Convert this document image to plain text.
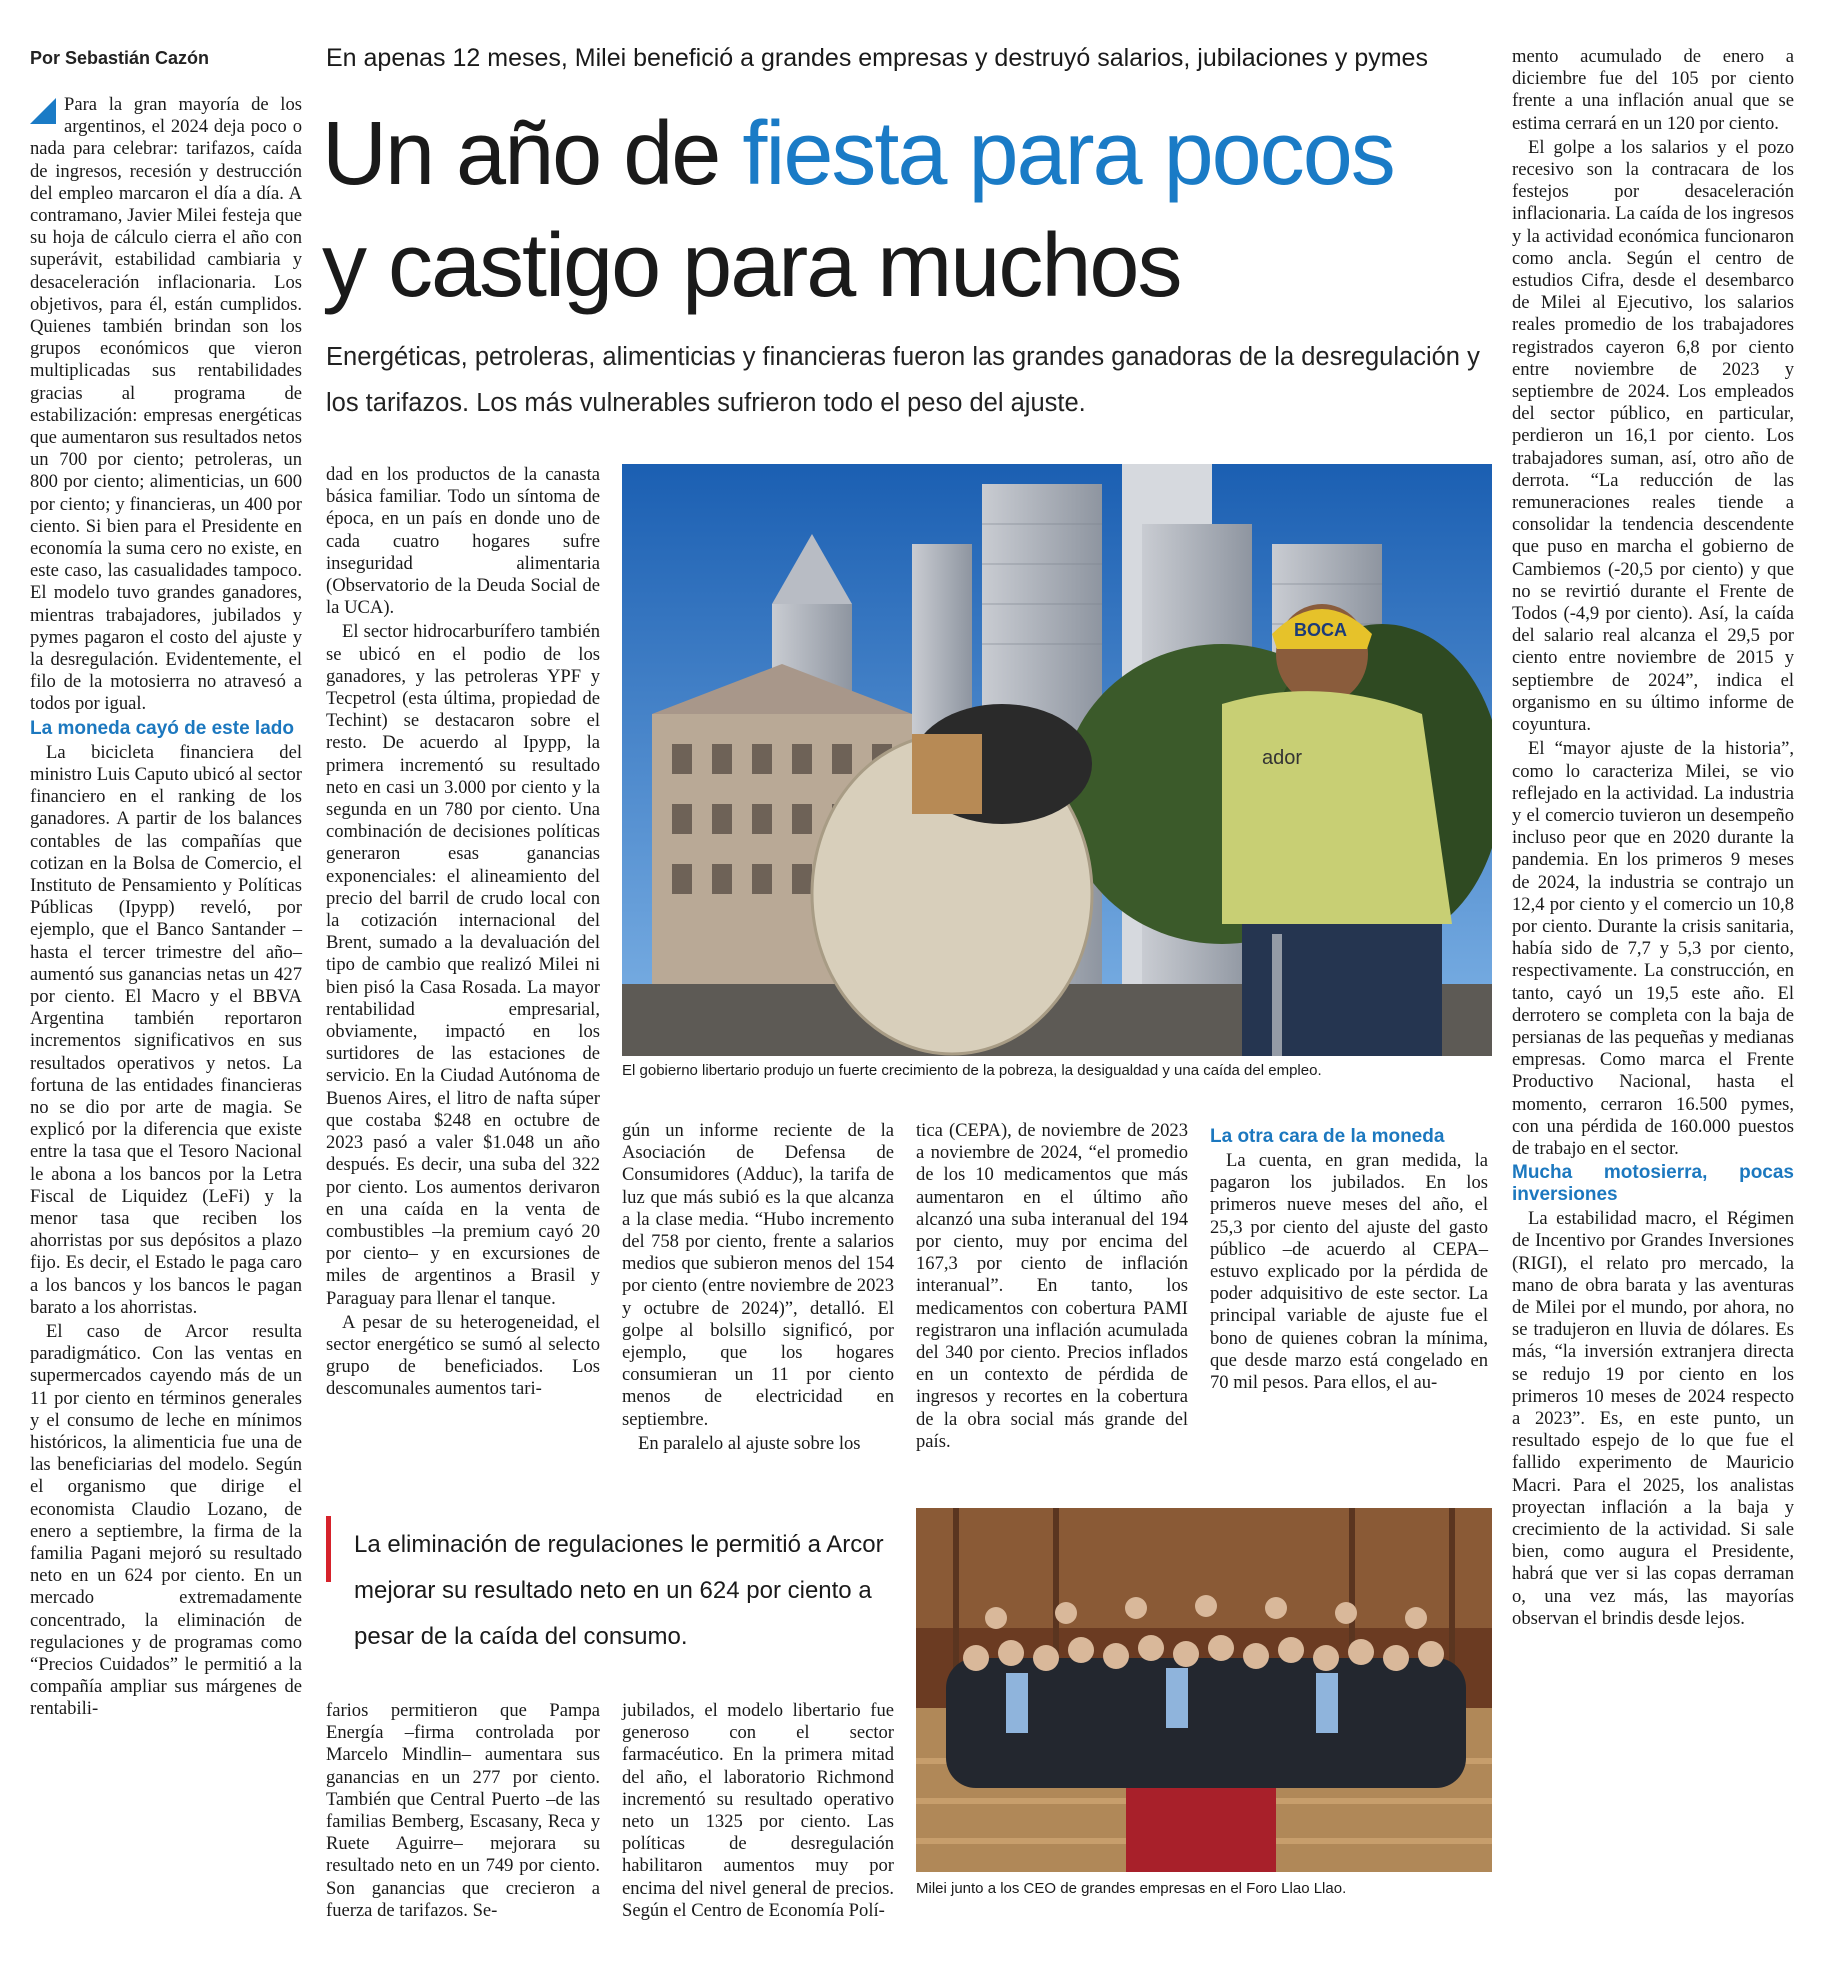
Por Sebastián Cazón	En apenas 12 meses, Milei benefició a grandes empresas y destruyó salarios, jubilaciones y pymes
Un año de fiesta para pocos
y castigo para muchos
Energéticas, petroleras, alimenticias y financieras fueron las grandes ganadoras de la desregulación y los tarifazos. Los más vulnerables sufrieron todo el peso del ajuste.

Para la gran mayoría de los argentinos, el 2024 deja poco o nada para celebrar: tarifazos, caída de ingresos, recesión y destrucción del empleo marcaron el día a día. A contramano, Javier Milei festeja que su hoja de cálculo cierra el año con superávit, estabilidad cambiaria y desaceleración inflacionaria. Los objetivos, para él, están cumplidos. Quienes también brindan son los grupos económicos que vieron multiplicadas sus rentabilidades gracias al programa de estabilización: empresas energéticas que aumentaron sus resultados netos un 700 por ciento; petroleras, un 800 por ciento; alimenticias, un 600 por ciento; y financieras, un 400 por ciento. Si bien para el Presidente en economía la suma cero no existe, en este caso, las casualidades tampoco. El modelo tuvo grandes ganadores, mientras trabajadores, jubilados y pymes pagaron el costo del ajuste y la desregulación. Evidentemente, el filo de la motosierra no atravesó a todos por igual.

La moneda cayó de este lado

La bicicleta financiera del ministro Luis Caputo ubicó al sector financiero en el ranking de los ganadores. A partir de los balances contables de las compañías que cotizan en la Bolsa de Comercio, el Instituto de Pensamiento y Políticas Públicas (Ipypp) reveló, por ejemplo, que el Banco Santander –hasta el tercer trimestre del año– aumentó sus ganancias netas un 427 por ciento. El Macro y el BBVA Argentina también reportaron incrementos significativos en sus resultados operativos y netos. La fortuna de las entidades financieras no se dio por arte de magia. Se explicó por la diferencia que existe entre la tasa que el Tesoro Nacional le abona a los bancos por la Letra Fiscal de Liquidez (LeFi) y la menor tasa que reciben los ahorristas por sus depósitos a plazo fijo. Es decir, el Estado le paga caro a los bancos y los bancos le pagan barato a los ahorristas.

El caso de Arcor resulta paradigmático. Con las ventas en supermercados cayendo más de un 11 por ciento en términos generales y el consumo de leche en mínimos históricos, la alimenticia fue una de las beneficiarias del modelo. Según el organismo que dirige el economista Claudio Lozano, de enero a septiembre, la firma de la familia Pagani mejoró su resultado neto en un 624 por ciento. En un mercado extremadamente concentrado, la eliminación de regulaciones y de programas como “Precios Cuidados” le permitió a la compañía ampliar sus márgenes de rentabili-

dad en los productos de la canasta básica familiar. Todo un síntoma de época, en un país en donde uno de cada cuatro hogares sufre inseguridad alimentaria (Observatorio de la Deuda Social de la UCA).

El sector hidrocarburífero también se ubicó en el podio de los ganadores, y las petroleras YPF y Tecpetrol (esta última, propiedad de Techint) se destacaron sobre el resto. De acuerdo al Ipypp, la primera incrementó su resultado neto en casi un 3.000 por ciento y la segunda en un 780 por ciento. Una combinación de decisiones políticas generaron esas ganancias exponenciales: el alineamiento del precio del barril de crudo local con la cotización internacional del Brent, sumado a la devaluación del tipo de cambio que realizó Milei ni bien pisó la Casa Rosada. La mayor rentabilidad empresarial, obviamente, impactó en los surtidores de las estaciones de servicio. En la Ciudad Autónoma de Buenos Aires, el litro de nafta súper que costaba $248 en octubre de 2023 pasó a valer $1.048 un año después. Es decir, una suba del 322 por ciento. Los aumentos derivaron en una caída en la venta de combustibles –la premium cayó 20 por ciento– y en excursiones de miles de argentinos a Brasil y Paraguay para llenar el tanque.

A pesar de su heterogeneidad, el sector energético se sumó al selecto grupo de beneficiados. Los descomunales aumentos tari-

BOCA
ador
El gobierno libertario produjo un fuerte crecimiento de la pobreza, la desigualdad y una caída del empleo.

gún un informe reciente de la Asociación de Defensa de Consumidores (Adduc), la tarifa de luz que más subió es la que alcanza a la clase media. “Hubo incremento del 758 por ciento, frente a salarios medios que subieron menos del 154 por ciento (entre noviembre de 2023 y octubre de 2024)”, detalló. El golpe al bolsillo significó, por ejemplo, que los hogares consumieran un 11 por ciento menos de electricidad en septiembre.

En paralelo al ajuste sobre los

tica (CEPA), de noviembre de 2023 a noviembre de 2024, “el promedio de los 10 medicamentos que más aumentaron en el último año alcanzó una suba interanual del 194 por ciento, muy por encima del 167,3 por ciento de inflación interanual”. En tanto, los medicamentos con cobertura PAMI registraron una inflación acumulada del 340 por ciento. Precios inflados en un contexto de pérdida de ingresos y recortes en la cobertura de la obra social más grande del país.

La otra cara de la moneda

La cuenta, en gran medida, la pagaron los jubilados. En los primeros nueve meses del año, el 25,3 por ciento del ajuste del gasto público –de acuerdo al CEPA– estuvo explicado por la pérdida de poder adquisitivo de este sector. La principal variable de ajuste fue el bono de quienes cobran la mínima, que desde marzo está congelado en 70 mil pesos. Para ellos, el au-

La eliminación de regulaciones le permitió a Arcor mejorar su resultado neto en un 624 por ciento a pesar de la caída del consumo.

farios permitieron que Pampa Energía –firma controlada por Marcelo Mindlin– aumentara sus ganancias en un 277 por ciento. También que Central Puerto –de las familias Bemberg, Escasany, Reca y Ruete Aguirre– mejorara su resultado neto en un 749 por ciento. Son ganancias que crecieron a fuerza de tarifazos. Se-

jubilados, el modelo libertario fue generoso con el sector farmacéutico. En la primera mitad del año, el laboratorio Richmond incrementó su resultado operativo neto un 1325 por ciento. Las políticas de desregulación habilitaron aumentos muy por encima del nivel general de precios. Según el Centro de Economía Polí-

Milei junto a los CEO de grandes empresas en el Foro Llao Llao.

mento acumulado de enero a diciembre fue del 105 por ciento frente a una inflación anual que se estima cerrará en un 120 por ciento.

El golpe a los salarios y el pozo recesivo son la contracara de los festejos por desaceleración inflacionaria. La caída de los ingresos y la actividad económica funcionaron como ancla. Según el centro de estudios Cifra, desde el desembarco de Milei al Ejecutivo, los salarios reales promedio de los trabajadores registrados cayeron 6,8 por ciento entre noviembre de 2023 y septiembre de 2024. Los empleados del sector público, en particular, perdieron un 16,1 por ciento. Los trabajadores suman, así, otro año de derrota. “La reducción de las remuneraciones reales tiende a consolidar la tendencia descendente que puso en marcha el gobierno de Cambiemos (-20,5 por ciento) y que no se revirtió durante el Frente de Todos (-4,9 por ciento). Así, la caída del salario real alcanza el 29,5 por ciento entre noviembre de 2015 y septiembre de 2024”, indica el organismo en su último informe de coyuntura.

El “mayor ajuste de la historia”, como lo caracteriza Milei, se vio reflejado en la actividad. La industria y el comercio tuvieron un desempeño incluso peor que en 2020 durante la pandemia. En los primeros 9 meses de 2024, la industria se contrajo un 12,4 por ciento y el comercio un 10,8 por ciento. Durante la crisis sanitaria, había sido de 7,7 y 5,3 por ciento, respectivamente. La construcción, en tanto, cayó un 19,5 este año. El derrotero se completa con la baja de persianas de las pequeñas y medianas empresas. Como marca el Frente Productivo Nacional, hasta el momento, cerraron 16.500 pymes, con una pérdida de 160.000 puestos de trabajo en el sector.

Mucha motosierra, pocas inversiones

La estabilidad macro, el Régimen de Incentivo por Grandes Inversiones (RIGI), el relato pro mercado, la mano de obra barata y las aventuras de Milei por el mundo, por ahora, no se tradujeron en lluvia de dólares. Es más, “la inversión extranjera directa se redujo 19 por ciento en los primeros 10 meses de 2024 respecto a 2023”. Es, en este punto, un resultado espejo de lo que fue el fallido experimento de Mauricio Macri. Para el 2025, los analistas proyectan inflación a la baja y crecimiento de la actividad. Si sale bien, como augura el Presidente, habrá que ver si las copas derraman o, una vez más, las mayorías observan el brindis desde lejos.
